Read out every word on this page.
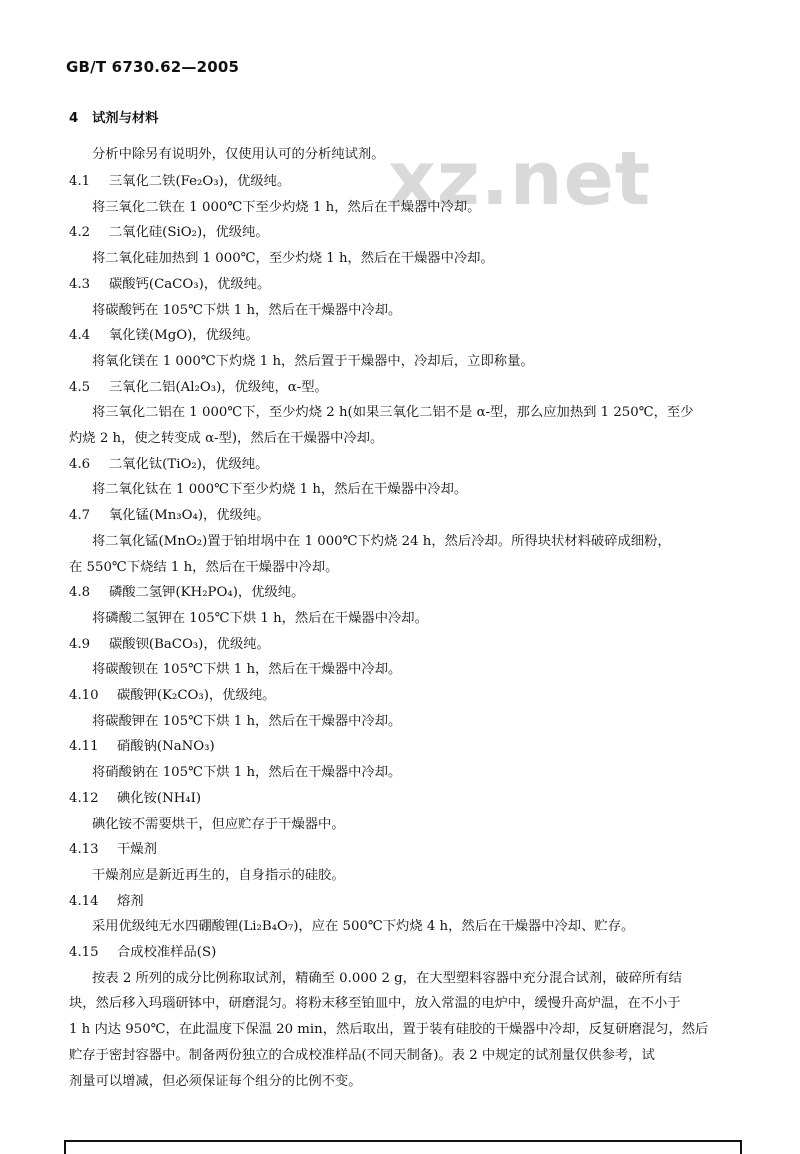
GB/T 6730.62—2005
xz.net
4 试剂与材料
分析中除另有说明外，仅使用认可的分析纯试剂。
4.1 三氧化二铁(Fe₂O₃)，优级纯。
将三氧化二铁在 1 000℃下至少灼烧 1 h，然后在干燥器中冷却。
4.2 二氧化硅(SiO₂)，优级纯。
将二氧化硅加热到 1 000℃，至少灼烧 1 h，然后在干燥器中冷却。
4.3 碳酸钙(CaCO₃)，优级纯。
将碳酸钙在 105℃下烘 1 h，然后在干燥器中冷却。
4.4 氧化镁(MgO)，优级纯。
将氧化镁在 1 000℃下灼烧 1 h，然后置于干燥器中，冷却后，立即称量。
4.5 三氧化二铝(Al₂O₃)，优级纯，α-型。
将三氧化二铝在 1 000℃下，至少灼烧 2 h(如果三氧化二铝不是 α-型，那么应加热到 1 250℃，至少
灼烧 2 h，使之转变成 α-型)，然后在干燥器中冷却。
4.6 二氧化钛(TiO₂)，优级纯。
将二氧化钛在 1 000℃下至少灼烧 1 h，然后在干燥器中冷却。
4.7 氧化锰(Mn₃O₄)，优级纯。
将二氧化锰(MnO₂)置于铂坩埚中在 1 000℃下灼烧 24 h，然后冷却。所得块状材料破碎成细粉，
在 550℃下烧结 1 h，然后在干燥器中冷却。
4.8 磷酸二氢钾(KH₂PO₄)，优级纯。
将磷酸二氢钾在 105℃下烘 1 h，然后在干燥器中冷却。
4.9 碳酸钡(BaCO₃)，优级纯。
将碳酸钡在 105℃下烘 1 h，然后在干燥器中冷却。
4.10 碳酸钾(K₂CO₃)，优级纯。
将碳酸钾在 105℃下烘 1 h，然后在干燥器中冷却。
4.11 硝酸钠(NaNO₃)
将硝酸钠在 105℃下烘 1 h，然后在干燥器中冷却。
4.12 碘化铵(NH₄I)
碘化铵不需要烘干，但应贮存于干燥器中。
4.13 干燥剂
干燥剂应是新近再生的，自身指示的硅胶。
4.14 熔剂
采用优级纯无水四硼酸锂(Li₂B₄O₇)，应在 500℃下灼烧 4 h，然后在干燥器中冷却、贮存。
4.15 合成校准样品(S)
按表 2 所列的成分比例称取试剂，精确至 0.000 2 g，在大型塑料容器中充分混合试剂，破碎所有结
块，然后移入玛瑙研钵中，研磨混匀。将粉末移至铂皿中，放入常温的电炉中，缓慢升高炉温，在不小于
1 h 内达 950℃，在此温度下保温 20 min，然后取出，置于装有硅胶的干燥器中冷却，反复研磨混匀，然后
贮存于密封容器中。制备两份独立的合成校准样品(不同天制备)。表 2 中规定的试剂量仅供参考，试
剂量可以增减，但必须保证每个组分的比例不变。
